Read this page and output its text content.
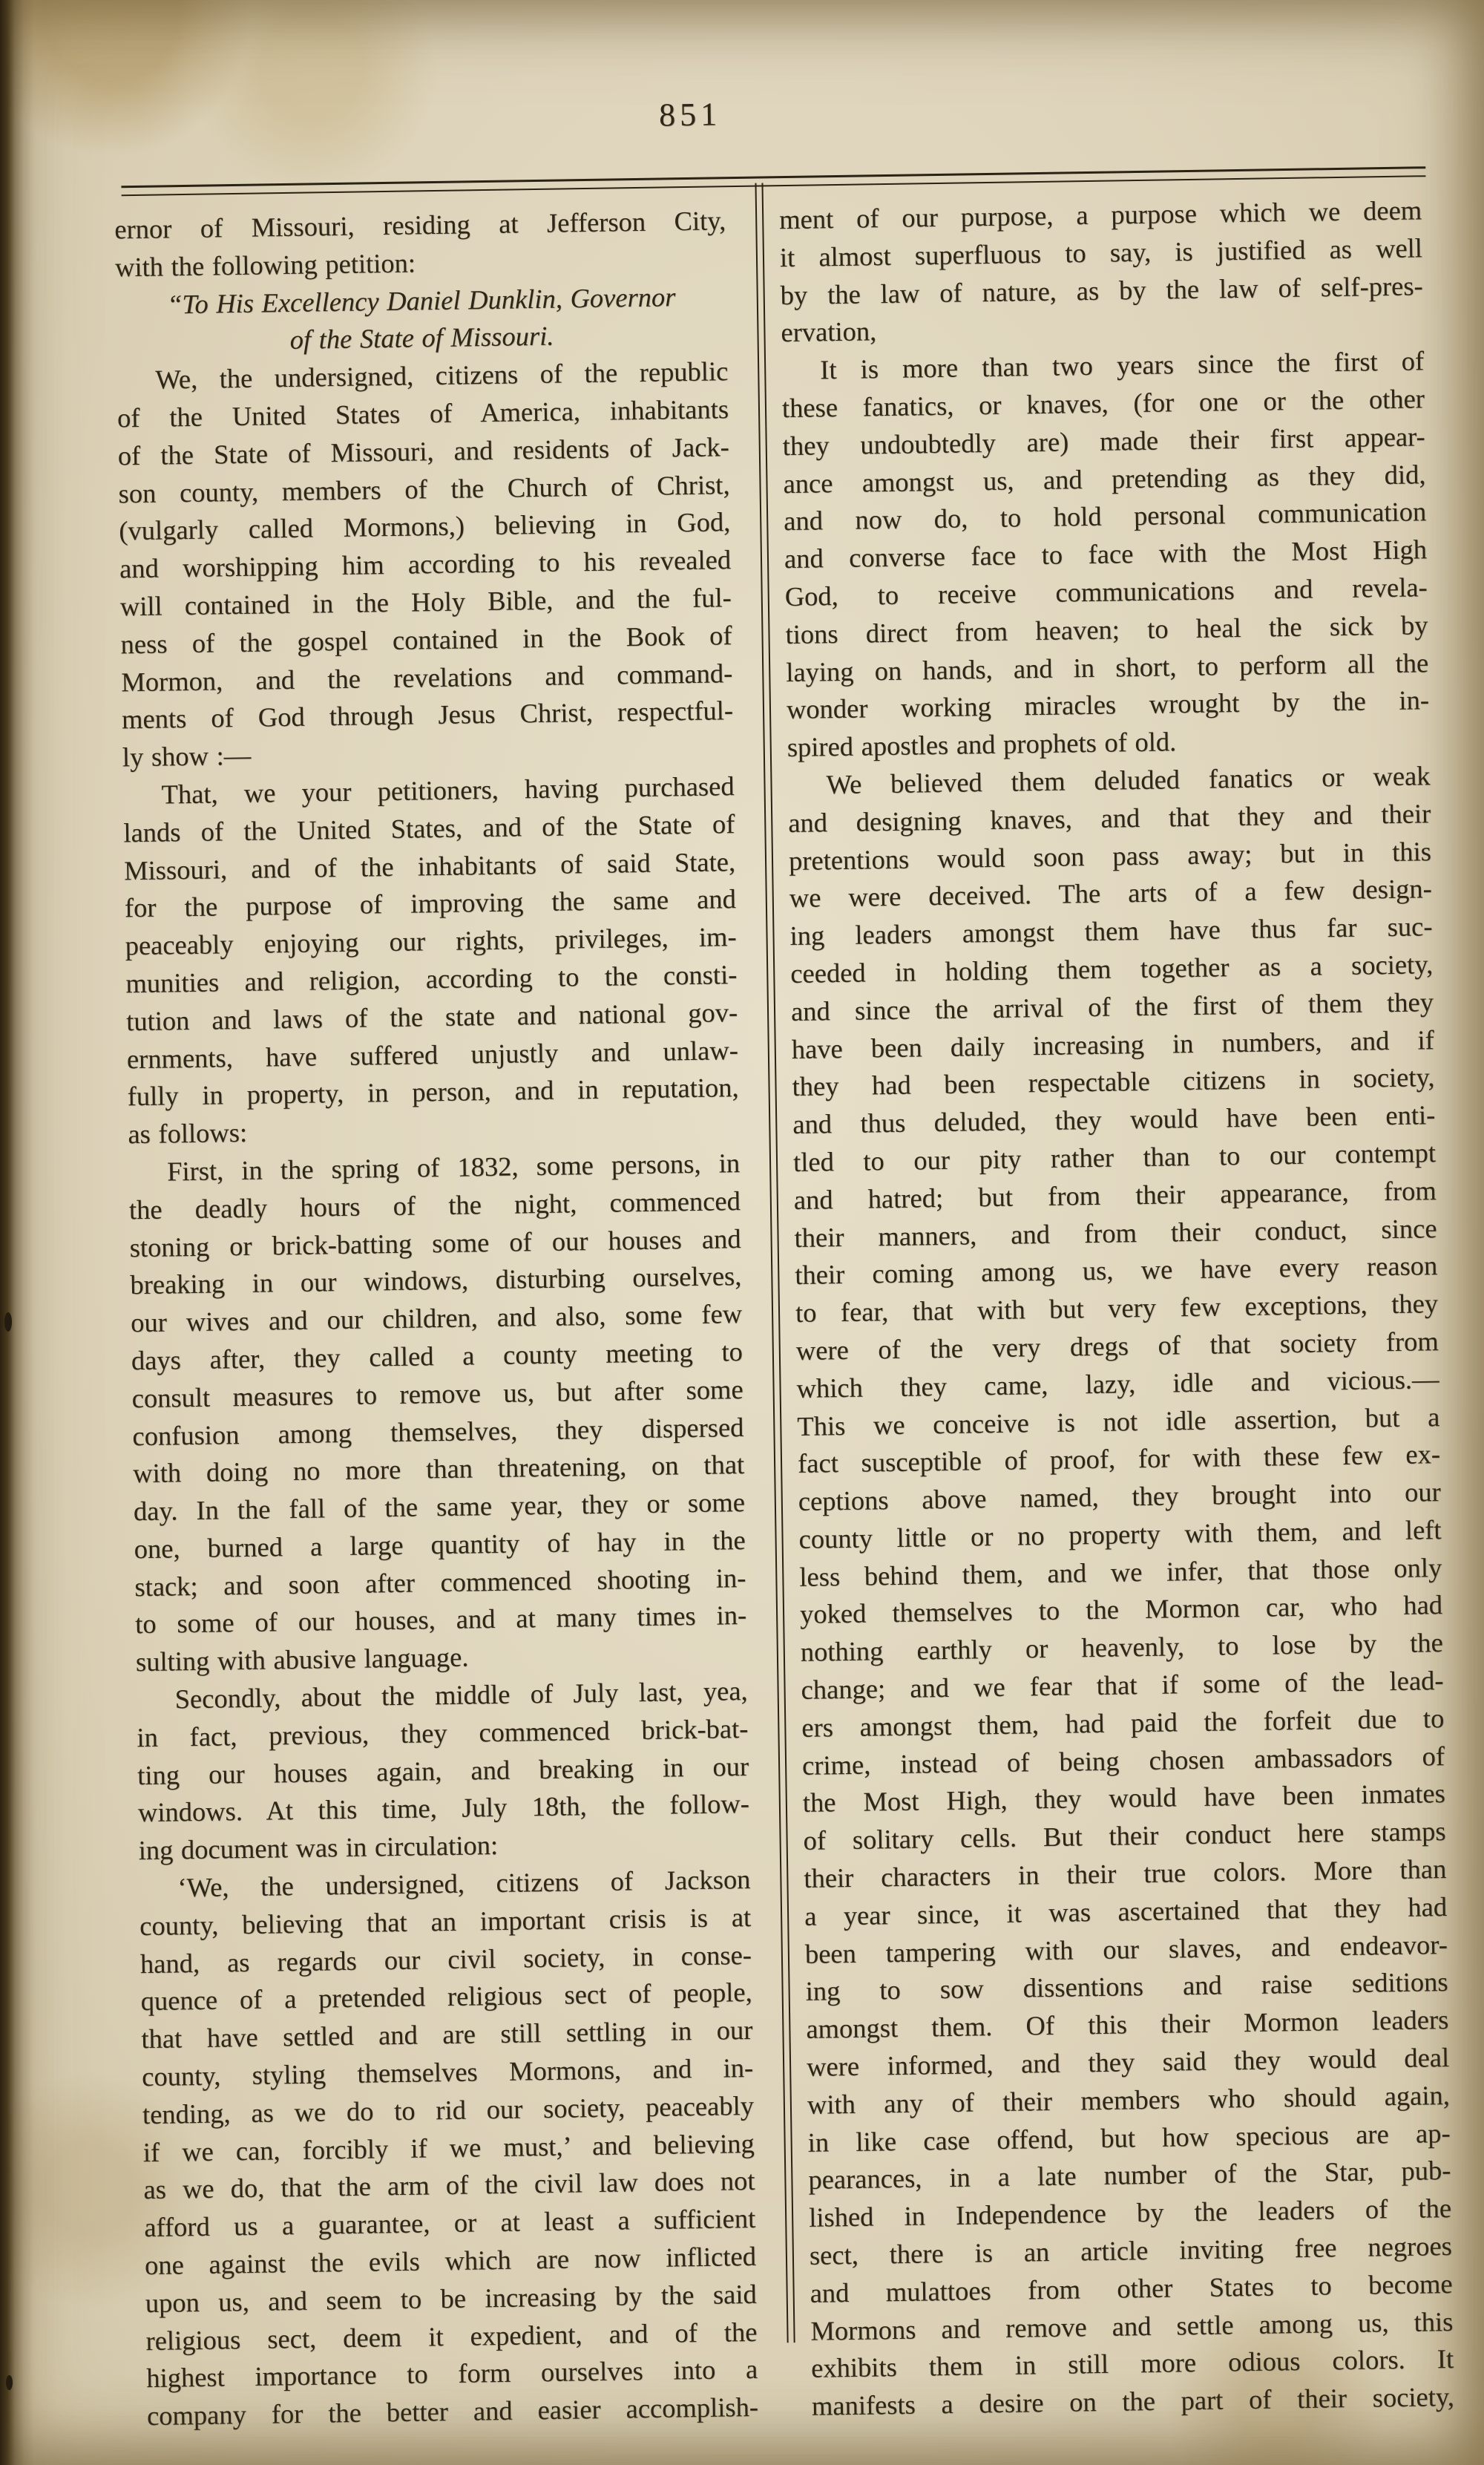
851
ernor of Missouri, residing at Jefferson City,
with the following petition:
“To His Excellency Daniel Dunklin, Governor
of the State of Missouri.
We, the undersigned, citizens of the republic
of the United States of America, inhabitants
of the State of Missouri, and residents of Jack-
son county, members of the Church of Christ,
(vulgarly called Mormons,) believing in God,
and worshipping him according to his revealed
will contained in the Holy Bible, and the ful-
ness of the gospel contained in the Book of
Mormon, and the revelations and command-
ments of God through Jesus Christ, respectful-
ly show :—
That, we your petitioners, having purchased
lands of the United States, and of the State of
Missouri, and of the inhabitants of said State,
for the purpose of improving the same and
peaceably enjoying our rights, privileges, im-
munities and religion, according to the consti-
tution and laws of the state and national gov-
ernments, have suffered unjustly and unlaw-
fully in property, in person, and in reputation,
as follows:
First, in the spring of 1832, some persons, in
the deadly hours of the night, commenced
stoning or brick-batting some of our houses and
breaking in our windows, disturbing ourselves,
our wives and our children, and also, some few
days after, they called a county meeting to
consult measures to remove us, but after some
confusion among themselves, they dispersed
with doing no more than threatening, on that
day. In the fall of the same year, they or some
one, burned a large quantity of hay in the
stack; and soon after commenced shooting in-
to some of our houses, and at many times in-
sulting with abusive language.
Secondly, about the middle of July last, yea,
in fact, previous, they commenced brick-bat-
ting our houses again, and breaking in our
windows. At this time, July 18th, the follow-
ing document was in circulation:
‘We, the undersigned, citizens of Jackson
county, believing that an important crisis is at
hand, as regards our civil society, in conse-
quence of a pretended religious sect of people,
that have settled and are still settling in our
county, styling themselves Mormons, and in-
tending, as we do to rid our society, peaceably
if we can, forcibly if we must,’ and believing
as we do, that the arm of the civil law does not
afford us a guarantee, or at least a sufficient
one against the evils which are now inflicted
upon us, and seem to be increasing by the said
religious sect, deem it expedient, and of the
highest importance to form ourselves into a
company for the better and easier accomplish-
ment of our purpose, a purpose which we deem
it almost superfluous to say, is justified as well
by the law of nature, as by the law of self-pres-
ervation,
It is more than two years since the first of
these fanatics, or knaves, (for one or the other
they undoubtedly are) made their first appear-
ance amongst us, and pretending as they did,
and now do, to hold personal communication
and converse face to face with the Most High
God, to receive communications and revela-
tions direct from heaven; to heal the sick by
laying on hands, and in short, to perform all the
wonder working miracles wrought by the in-
spired apostles and prophets of old.
We believed them deluded fanatics or weak
and designing knaves, and that they and their
pretentions would soon pass away; but in this
we were deceived. The arts of a few design-
ing leaders amongst them have thus far suc-
ceeded in holding them together as a society,
and since the arrival of the first of them they
have been daily increasing in numbers, and if
they had been respectable citizens in society,
and thus deluded, they would have been enti-
tled to our pity rather than to our contempt
and hatred; but from their appearance, from
their manners, and from their conduct, since
their coming among us, we have every reason
to fear, that with but very few exceptions, they
were of the very dregs of that society from
which they came, lazy, idle and vicious.—
This we conceive is not idle assertion, but a
fact susceptible of proof, for with these few ex-
ceptions above named, they brought into our
county little or no property with them, and left
less behind them, and we infer, that those only
yoked themselves to the Mormon car, who had
nothing earthly or heavenly, to lose by the
change; and we fear that if some of the lead-
ers amongst them, had paid the forfeit due to
crime, instead of being chosen ambassadors of
the Most High, they would have been inmates
of solitary cells. But their conduct here stamps
their characters in their true colors. More than
a year since, it was ascertained that they had
been tampering with our slaves, and endeavor-
ing to sow dissentions and raise seditions
amongst them. Of this their Mormon leaders
were informed, and they said they would deal
with any of their members who should again,
in like case offend, but how specious are ap-
pearances, in a late number of the Star, pub-
lished in Independence by the leaders of the
sect, there is an article inviting free negroes
and mulattoes from other States to become
Mormons and remove and settle among us, this
exhibits them in still more odious colors. It
manifests a desire on the part of their society,
